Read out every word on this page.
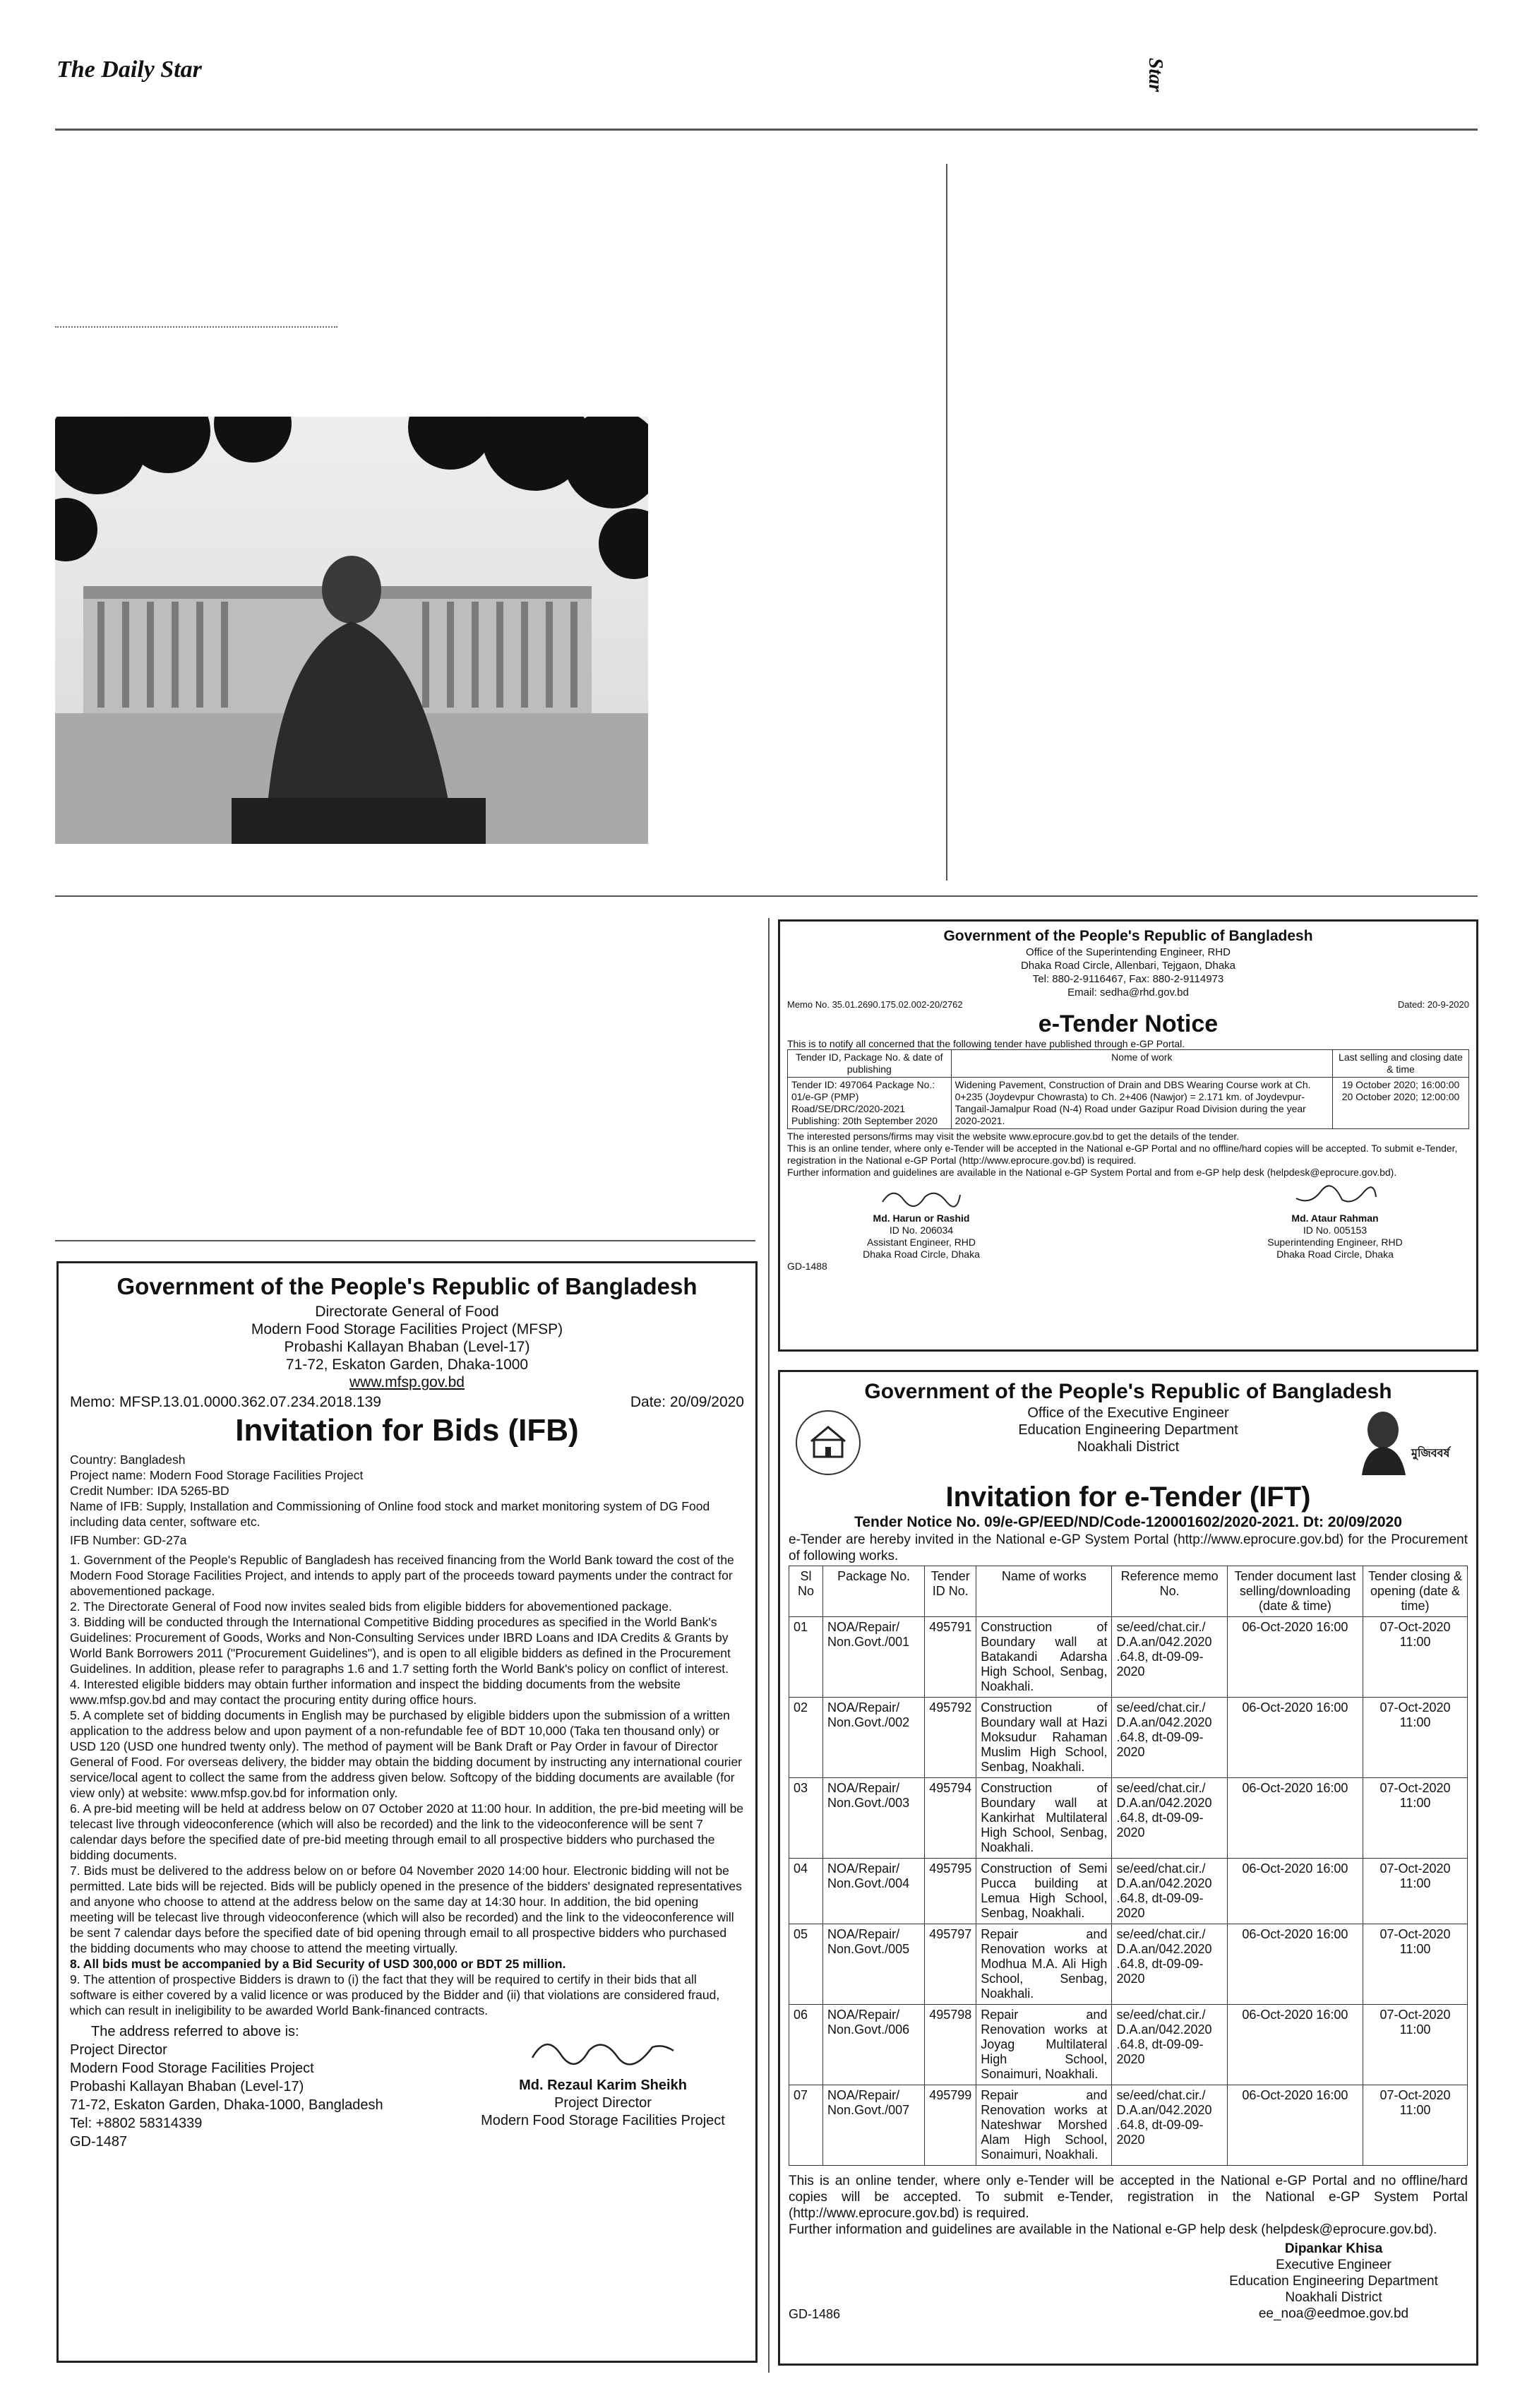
The Daily Star	Star
Government of the People's Republic of Bangladesh
Directorate General of Food
Modern Food Storage Facilities Project (MFSP)
Probashi Kallayan Bhaban (Level-17)
71-72, Eskaton Garden, Dhaka-1000
www.mfsp.gov.bd
Memo: MFSP.13.01.0000.362.07.234.2018.139	Date: 20/09/2020
Invitation for Bids (IFB)

Country: Bangladesh

Project name: Modern Food Storage Facilities Project

Credit Number: IDA 5265-BD

Name of IFB: Supply, Installation and Commissioning of Online food stock and market monitoring system of DG Food including data center, software etc.

IFB Number: GD-27a

1. Government of the People's Republic of Bangladesh has received financing from the World Bank toward the cost of the Modern Food Storage Facilities Project, and intends to apply part of the proceeds toward payments under the contract for abovementioned package.

2. The Directorate General of Food now invites sealed bids from eligible bidders for abovementioned package.

3. Bidding will be conducted through the International Competitive Bidding procedures as specified in the World Bank's Guidelines: Procurement of Goods, Works and Non-Consulting Services under IBRD Loans and IDA Credits & Grants by World Bank Borrowers 2011 ("Procurement Guidelines"), and is open to all eligible bidders as defined in the Procurement Guidelines. In addition, please refer to paragraphs 1.6 and 1.7 setting forth the World Bank's policy on conflict of interest.

4. Interested eligible bidders may obtain further information and inspect the bidding documents from the website www.mfsp.gov.bd and may contact the procuring entity during office hours.

5. A complete set of bidding documents in English may be purchased by eligible bidders upon the submission of a written application to the address below and upon payment of a non-refundable fee of BDT 10,000 (Taka ten thousand only) or USD 120 (USD one hundred twenty only). The method of payment will be Bank Draft or Pay Order in favour of Director General of Food. For overseas delivery, the bidder may obtain the bidding document by instructing any international courier service/local agent to collect the same from the address given below. Softcopy of the bidding documents are available (for view only) at website: www.mfsp.gov.bd for information only.

6. A pre-bid meeting will be held at address below on 07 October 2020 at 11:00 hour. In addition, the pre-bid meeting will be telecast live through videoconference (which will also be recorded) and the link to the videoconference will be sent 7 calendar days before the specified date of pre-bid meeting through email to all prospective bidders who purchased the bidding documents.

7. Bids must be delivered to the address below on or before 04 November 2020 14:00 hour. Electronic bidding will not be permitted. Late bids will be rejected. Bids will be publicly opened in the presence of the bidders' designated representatives and anyone who choose to attend at the address below on the same day at 14:30 hour. In addition, the bid opening meeting will be telecast live through videoconference (which will also be recorded) and the link to the videoconference will be sent 7 calendar days before the specified date of bid opening through email to all prospective bidders who purchased the bidding documents who may choose to attend the meeting virtually.

8. All bids must be accompanied by a Bid Security of USD 300,000 or BDT 25 million.

9. The attention of prospective Bidders is drawn to (i) the fact that they will be required to certify in their bids that all software is either covered by a valid licence or was produced by the Bidder and (ii) that violations are considered fraud, which can result in ineligibility to be awarded World Bank-financed contracts.

The address referred to above is:
Project Director
Modern Food Storage Facilities Project
Probashi Kallayan Bhaban (Level-17)
71-72, Eskaton Garden, Dhaka-1000, Bangladesh
Tel: +8802 58314339
GD-1487
Md. Rezaul Karim Sheikh
Project Director
Modern Food Storage Facilities Project
Government of the People's Republic of Bangladesh
Office of the Superintending Engineer, RHD
Dhaka Road Circle, Allenbari, Tejgaon, Dhaka
Tel: 880-2-9116467, Fax: 880-2-9114973
Email: sedha@rhd.gov.bd
Memo No. 35.01.2690.175.02.002-20/2762	Dated: 20-9-2020
e-Tender Notice
This is to notify all concerned that the following tender have published through e-GP Portal.
Tender ID, Package No. & date of publishing	Nome of work	Last selling and closing date & time
Tender ID: 497064 Package No.: 01/e-GP (PMP) Road/SE/DRC/2020-2021 Publishing: 20th September 2020	Widening Pavement, Construction of Drain and DBS Wearing Course work at Ch. 0+235 (Joydevpur Chowrasta) to Ch. 2+406 (Nawjor) = 2.171 km. of Joydevpur-Tangail-Jamalpur Road (N-4) Road under Gazipur Road Division during the year 2020-2021.	19 October 2020; 16:00:00 20 October 2020; 12:00:00
The interested persons/firms may visit the website www.eprocure.gov.bd to get the details of the tender.
This is an online tender, where only e-Tender will be accepted in the National e-GP Portal and no offline/hard copies will be accepted. To submit e-Tender, registration in the National e-GP Portal (http://www.eprocure.gov.bd) is required.
Further information and guidelines are available in the National e-GP System Portal and from e-GP help desk (helpdesk@eprocure.gov.bd).
Md. Harun or Rashid
ID No. 206034
Assistant Engineer, RHD
Dhaka Road Circle, Dhaka
Md. Ataur Rahman
ID No. 005153
Superintending Engineer, RHD
Dhaka Road Circle, Dhaka
GD-1488
Government of the People's Republic of Bangladesh
Office of the Executive Engineer
Education Engineering Department
Noakhali District	মুজিববর্ষ
Invitation for e-Tender (IFT)
Tender Notice No. 09/e-GP/EED/ND/Code-120001602/2020-2021. Dt: 20/09/2020
e-Tender are hereby invited in the National e-GP System Portal (http://www.eprocure.gov.bd) for the Procurement of following works.
Sl No	Package No.	Tender ID No.	Name of works	Reference memo No.	Tender document last selling/downloading (date & time)	Tender closing & opening (date & time)
01	NOA/Repair/ Non.Govt./001	495791	Construction of Boundary wall at Batakandi Adarsha High School, Senbag, Noakhali.	se/eed/chat.cir./ D.A.an/042.2020 .64.8, dt-09-09-2020	06-Oct-2020 16:00	07-Oct-2020 11:00
02	NOA/Repair/ Non.Govt./002	495792	Construction of Boundary wall at Hazi Moksudur Rahaman Muslim High School, Senbag, Noakhali.	se/eed/chat.cir./ D.A.an/042.2020 .64.8, dt-09-09-2020	06-Oct-2020 16:00	07-Oct-2020 11:00
03	NOA/Repair/ Non.Govt./003	495794	Construction of Boundary wall at Kankirhat Multilateral High School, Senbag, Noakhali.	se/eed/chat.cir./ D.A.an/042.2020 .64.8, dt-09-09-2020	06-Oct-2020 16:00	07-Oct-2020 11:00
04	NOA/Repair/ Non.Govt./004	495795	Construction of Semi Pucca building at Lemua High School, Senbag, Noakhali.	se/eed/chat.cir./ D.A.an/042.2020 .64.8, dt-09-09-2020	06-Oct-2020 16:00	07-Oct-2020 11:00
05	NOA/Repair/ Non.Govt./005	495797	Repair and Renovation works at Modhua M.A. Ali High School, Senbag, Noakhali.	se/eed/chat.cir./ D.A.an/042.2020 .64.8, dt-09-09-2020	06-Oct-2020 16:00	07-Oct-2020 11:00
06	NOA/Repair/ Non.Govt./006	495798	Repair and Renovation works at Joyag Multilateral High School, Sonaimuri, Noakhali.	se/eed/chat.cir./ D.A.an/042.2020 .64.8, dt-09-09-2020	06-Oct-2020 16:00	07-Oct-2020 11:00
07	NOA/Repair/ Non.Govt./007	495799	Repair and Renovation works at Nateshwar Morshed Alam High School, Sonaimuri, Noakhali.	se/eed/chat.cir./ D.A.an/042.2020 .64.8, dt-09-09-2020	06-Oct-2020 16:00	07-Oct-2020 11:00
This is an online tender, where only e-Tender will be accepted in the National e-GP Portal and no offline/hard copies will be accepted. To submit e-Tender, registration in the National e-GP System Portal (http://www.eprocure.gov.bd) is required.
Further information and guidelines are available in the National e-GP help desk (helpdesk@eprocure.gov.bd).
GD-1486
Dipankar Khisa
Executive Engineer
Education Engineering Department
Noakhali District
ee_noa@eedmoe.gov.bd
